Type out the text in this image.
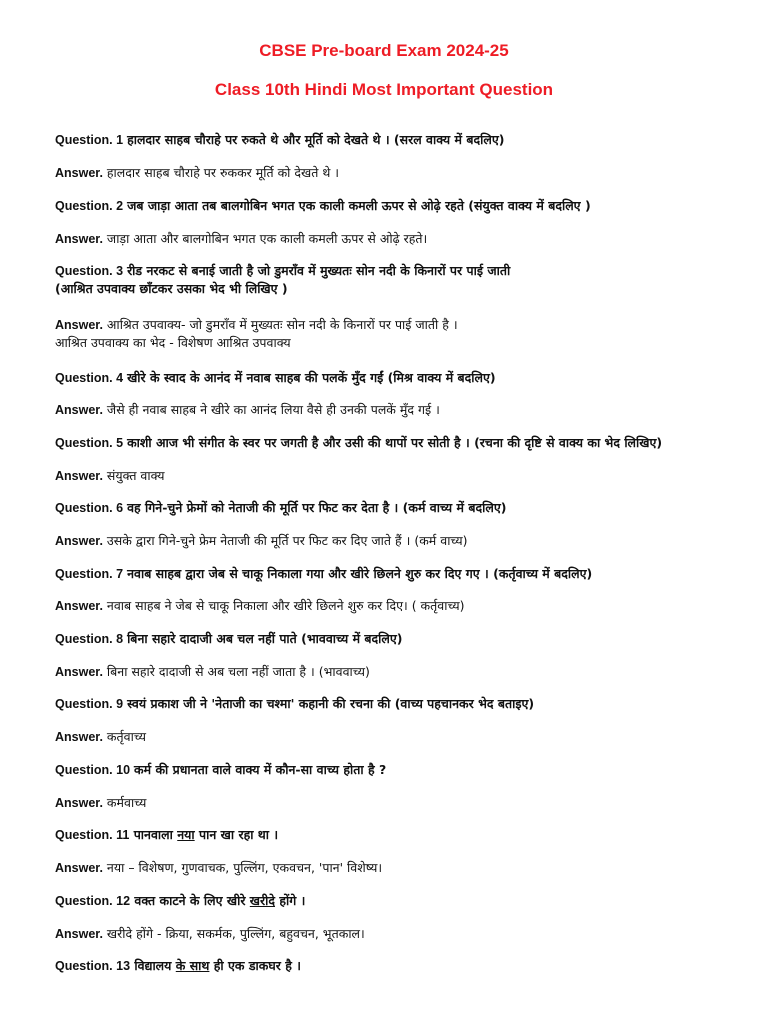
CBSE Pre-board Exam 2024-25
Class 10th Hindi Most Important Question
Question. 1 हालदार साहब चौराहे पर रुकते थे और मूर्ति को देखते थे । (सरल वाक्य में बदलिए)
Answer. हालदार साहब चौराहे पर रुककर मूर्ति को देखते थे ।
Question. 2 जब जाड़ा आता तब बालगोबिन भगत एक काली कमली ऊपर से ओढ़े रहते (संयुक्त वाक्य में बदलिए )
Answer. जाड़ा आता और बालगोबिन भगत एक काली कमली ऊपर से ओढ़े रहते।
Question. 3 रीड नरकट से बनाई जाती है जो डुमराँव में मुख्यतः सोन नदी के किनारों पर पाई जाती
(आश्रित उपवाक्य छाँटकर उसका भेद भी लिखिए )
Answer. आश्रित उपवाक्य- जो डुमराँव में मुख्यतः सोन नदी के किनारों पर पाई जाती है ।
आश्रित उपवाक्य का भेद - विशेषण आश्रित उपवाक्य
Question. 4 खीरे के स्वाद के आनंद में नवाब साहब की पलकें मुँद गईं (मिश्र वाक्य में बदलिए)
Answer. जैसे ही नवाब साहब ने खीरे का आनंद लिया वैसे ही उनकी पलकें मुँद गई ।
Question. 5 काशी आज भी संगीत के स्वर पर जगती है और उसी की थापों पर सोती है । (रचना की दृष्टि से वाक्य का भेद लिखिए)
Answer. संयुक्त वाक्य
Question. 6 वह गिने-चुने फ्रेमों को नेताजी की मूर्ति पर फिट कर देता है । (कर्म वाच्य में बदलिए)
Answer. उसके द्वारा गिने-चुने फ्रेम नेताजी की मूर्ति पर फिट कर दिए जाते हैं । (कर्म वाच्य)
Question. 7 नवाब साहब द्वारा जेब से चाकू निकाला गया और खीरे छिलने शुरु कर दिए गए । (कर्तृवाच्य में बदलिए)
Answer. नवाब साहब ने जेब से चाकू निकाला और खीरे छिलने शुरु कर दिए। ( कर्तृवाच्य)
Question. 8 बिना सहारे दादाजी अब चल नहीं पाते (भाववाच्य में बदलिए)
Answer. बिना सहारे दादाजी से अब चला नहीं जाता है । (भाववाच्य)
Question. 9 स्वयं प्रकाश जी ने 'नेताजी का चश्मा' कहानी की रचना की (वाच्य पहचानकर भेद बताइए)
Answer. कर्तृवाच्य
Question. 10 कर्म की प्रधानता वाले वाक्य में कौन-सा वाच्य होता है ?
Answer. कर्मवाच्य
Question. 11 पानवाला नया पान खा रहा था ।
Answer. नया – विशेषण, गुणवाचक, पुल्लिंग, एकवचन, 'पान' विशेष्य।
Question. 12 वक्त काटने के लिए खीरे खरीदे होंगे ।
Answer. खरीदे होंगे - क्रिया, सकर्मक, पुल्लिंग, बहुवचन, भूतकाल।
Question. 13 विद्यालय के साथ ही एक डाकघर है ।
